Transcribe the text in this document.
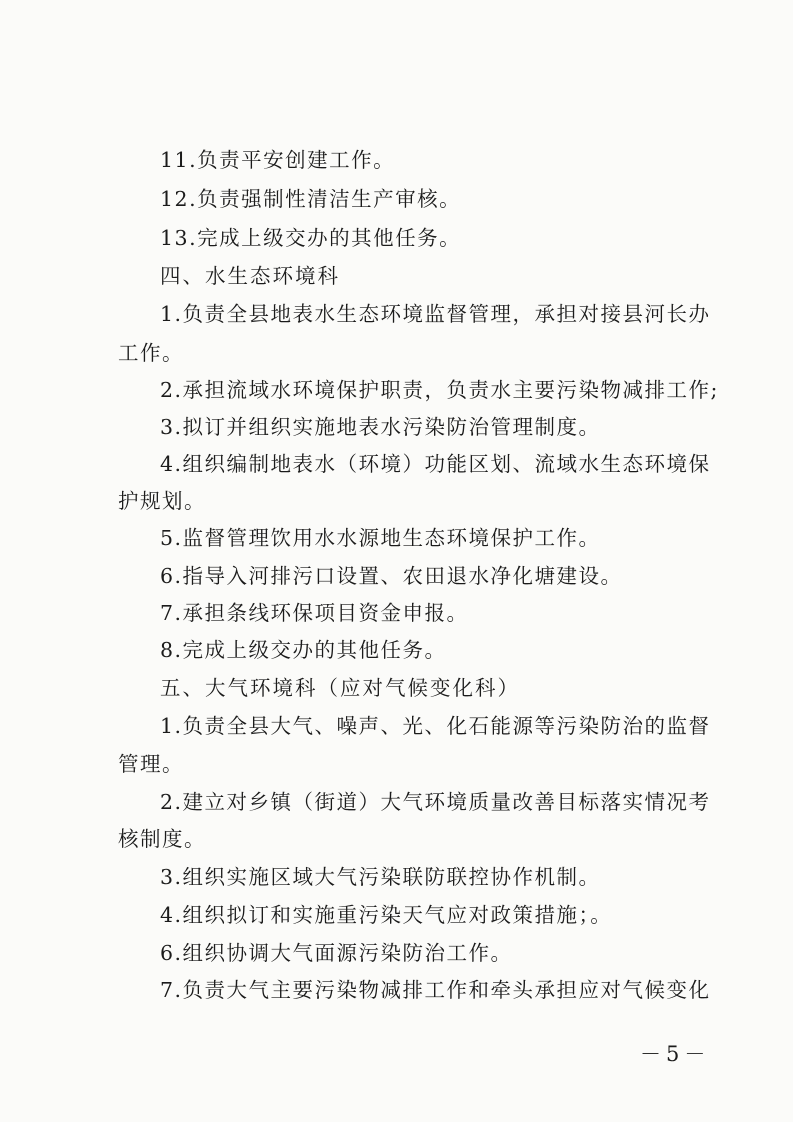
11.负责平安创建工作。
12.负责强制性清洁生产审核。
13.完成上级交办的其他任务。
四、水生态环境科
1.负责全县地表水生态环境监督管理，承担对接县河长办
工作。
2.承担流域水环境保护职责，负责水主要污染物减排工作;
3.拟订并组织实施地表水污染防治管理制度。
4.组织编制地表水（环境）功能区划、流域水生态环境保
护规划。
5.监督管理饮用水水源地生态环境保护工作。
6.指导入河排污口设置、农田退水净化塘建设。
7.承担条线环保项目资金申报。
8.完成上级交办的其他任务。
五、大气环境科（应对气候变化科）
1.负责全县大气、噪声、光、化石能源等污染防治的监督
管理。
2.建立对乡镇（街道）大气环境质量改善目标落实情况考
核制度。
3.组织实施区域大气污染联防联控协作机制。
4.组织拟订和实施重污染天气应对政策措施；。
6.组织协调大气面源污染防治工作。
7.负责大气主要污染物减排工作和牵头承担应对气候变化
－5－
